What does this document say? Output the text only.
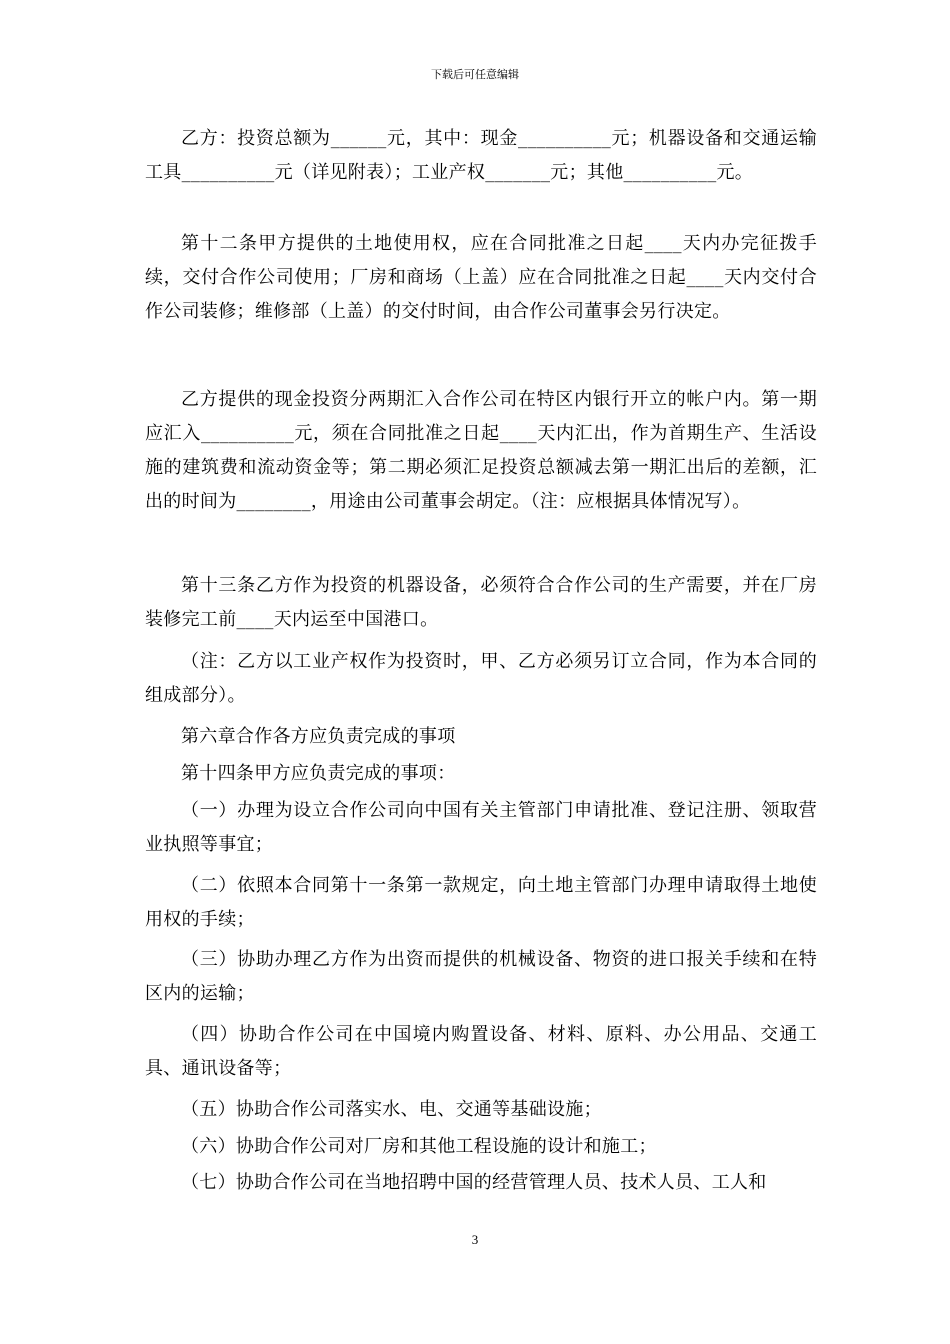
下载后可任意编辑

乙方：投资总额为______元，其中：现金__________元；机器设备和交通运输工具__________元（详见附表）；工业产权_______元；其他__________元。

第十二条甲方提供的土地使用权，应在合同批准之日起____天内办完征拨手续，交付合作公司使用；厂房和商场（上盖）应在合同批准之日起____天内交付合作公司装修；维修部（上盖）的交付时间，由合作公司董事会另行决定。

乙方提供的现金投资分两期汇入合作公司在特区内银行开立的帐户内。第一期应汇入__________元，须在合同批准之日起____天内汇出，作为首期生产、生活设施的建筑费和流动资金等；第二期必须汇足投资总额减去第一期汇出后的差额，汇出的时间为________，用途由公司董事会胡定。（注：应根据具体情况写）。

第十三条乙方作为投资的机器设备，必须符合合作公司的生产需要，并在厂房装修完工前____天内运至中国港口。

（注：乙方以工业产权作为投资时，甲、乙方必须另订立合同，作为本合同的组成部分）。

第六章合作各方应负责完成的事项

第十四条甲方应负责完成的事项：

（一）办理为设立合作公司向中国有关主管部门申请批准、登记注册、领取营业执照等事宜；

（二）依照本合同第十一条第一款规定，向土地主管部门办理申请取得土地使用权的手续；

（三）协助办理乙方作为出资而提供的机械设备、物资的进口报关手续和在特区内的运输；

（四）协助合作公司在中国境内购置设备、材料、原料、办公用品、交通工具、通讯设备等；

（五）协助合作公司落实水、电、交通等基础设施；

（六）协助合作公司对厂房和其他工程设施的设计和施工；

（七）协助合作公司在当地招聘中国的经营管理人员、技术人员、工人和

3
